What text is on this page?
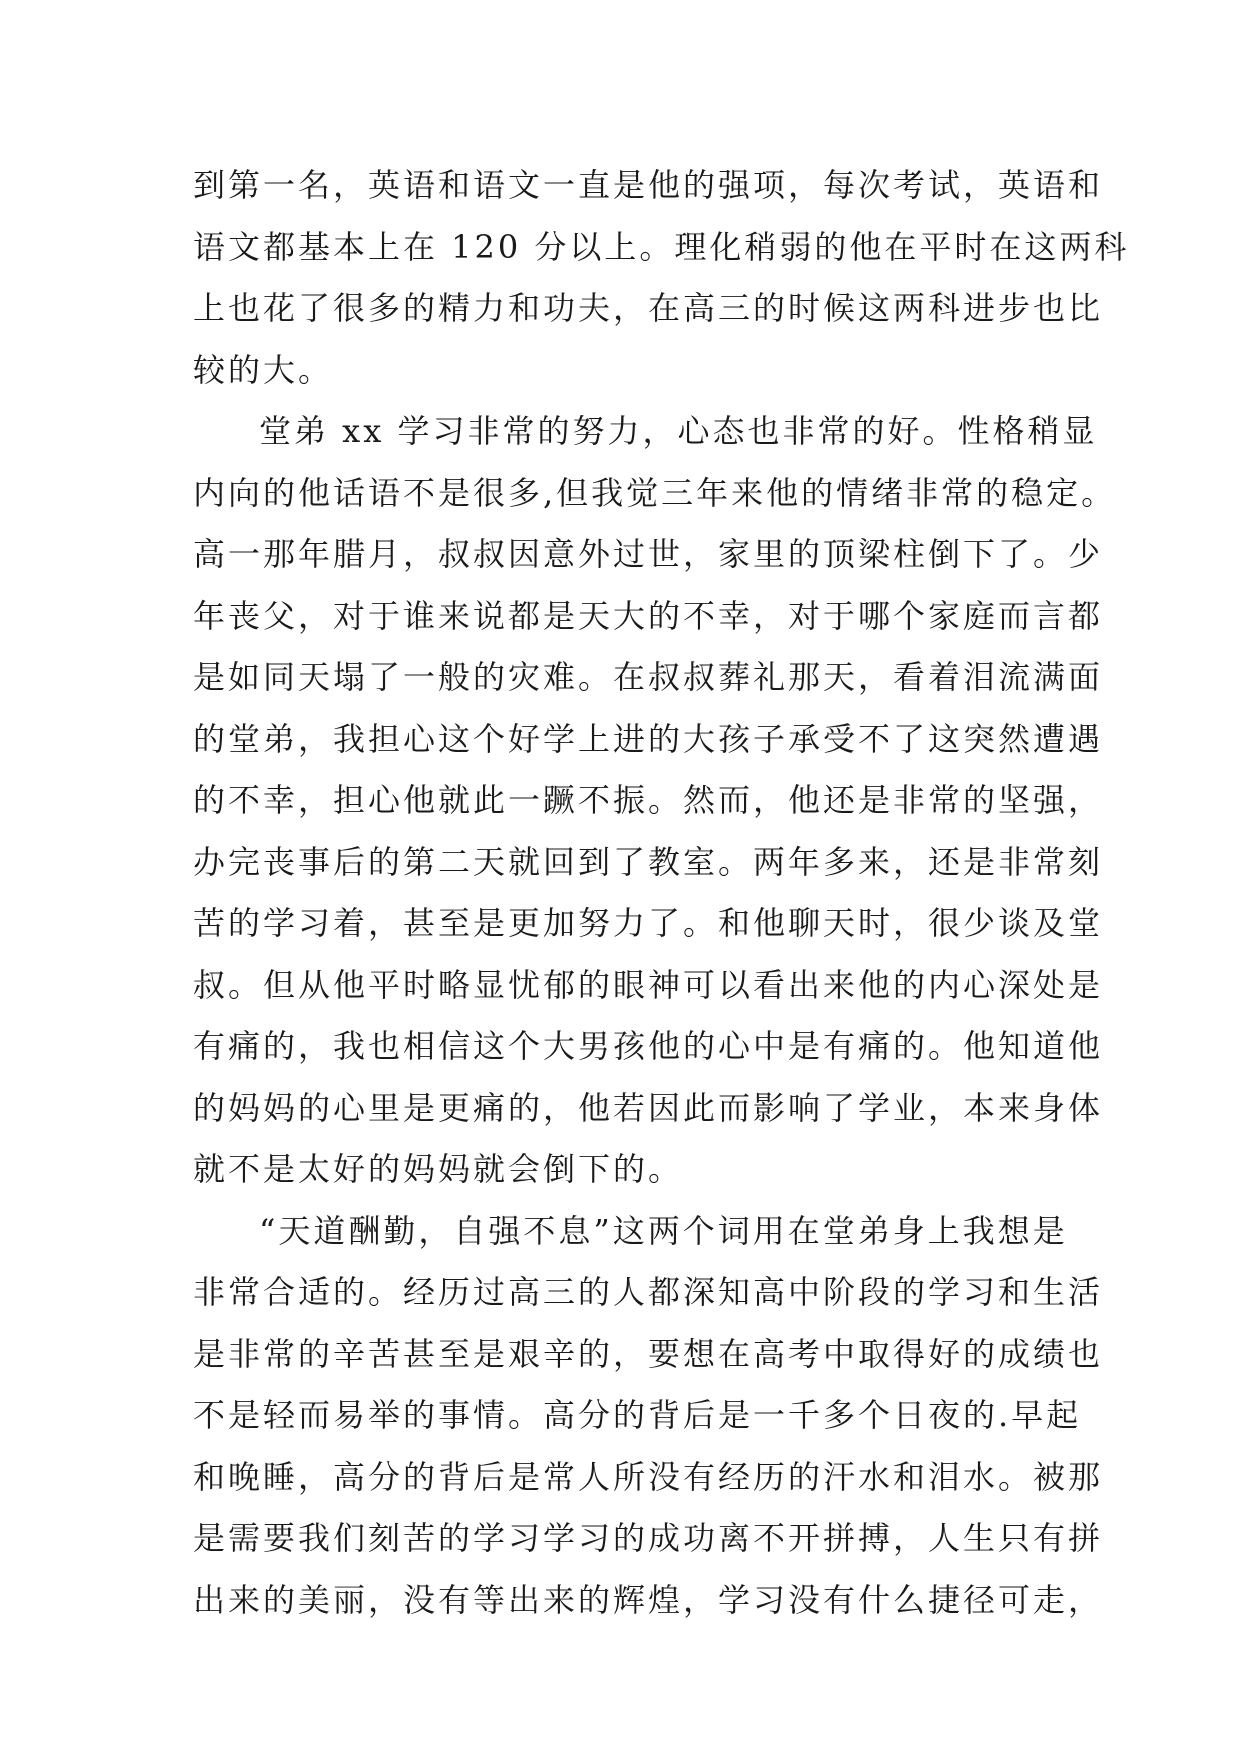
到第一名，英语和语文一直是他的强项，每次考试，英语和
语文都基本上在 120 分以上。理化稍弱的他在平时在这两科
上也花了很多的精力和功夫，在高三的时候这两科进步也比
较的大。
堂弟 xx 学习非常的努力，心态也非常的好。性格稍显
内向的他话语不是很多,但我觉三年来他的情绪非常的稳定。
高一那年腊月，叔叔因意外过世，家里的顶梁柱倒下了。少
年丧父，对于谁来说都是天大的不幸，对于哪个家庭而言都
是如同天塌了一般的灾难。在叔叔葬礼那天，看着泪流满面
的堂弟，我担心这个好学上进的大孩子承受不了这突然遭遇
的不幸，担心他就此一蹶不振。然而，他还是非常的坚强，
办完丧事后的第二天就回到了教室。两年多来，还是非常刻
苦的学习着，甚至是更加努力了。和他聊天时，很少谈及堂
叔。但从他平时略显忧郁的眼神可以看出来他的内心深处是
有痛的，我也相信这个大男孩他的心中是有痛的。他知道他
的妈妈的心里是更痛的，他若因此而影响了学业，本来身体
就不是太好的妈妈就会倒下的。
“天道酬勤，自强不息”这两个词用在堂弟身上我想是
非常合适的。经历过高三的人都深知高中阶段的学习和生活
是非常的辛苦甚至是艰辛的，要想在高考中取得好的成绩也
不是轻而易举的事情。高分的背后是一千多个日夜的.早起
和晚睡，高分的背后是常人所没有经历的汗水和泪水。被那
是需要我们刻苦的学习学习的成功离不开拼搏，人生只有拼
出来的美丽，没有等出来的辉煌，学习没有什么捷径可走，
